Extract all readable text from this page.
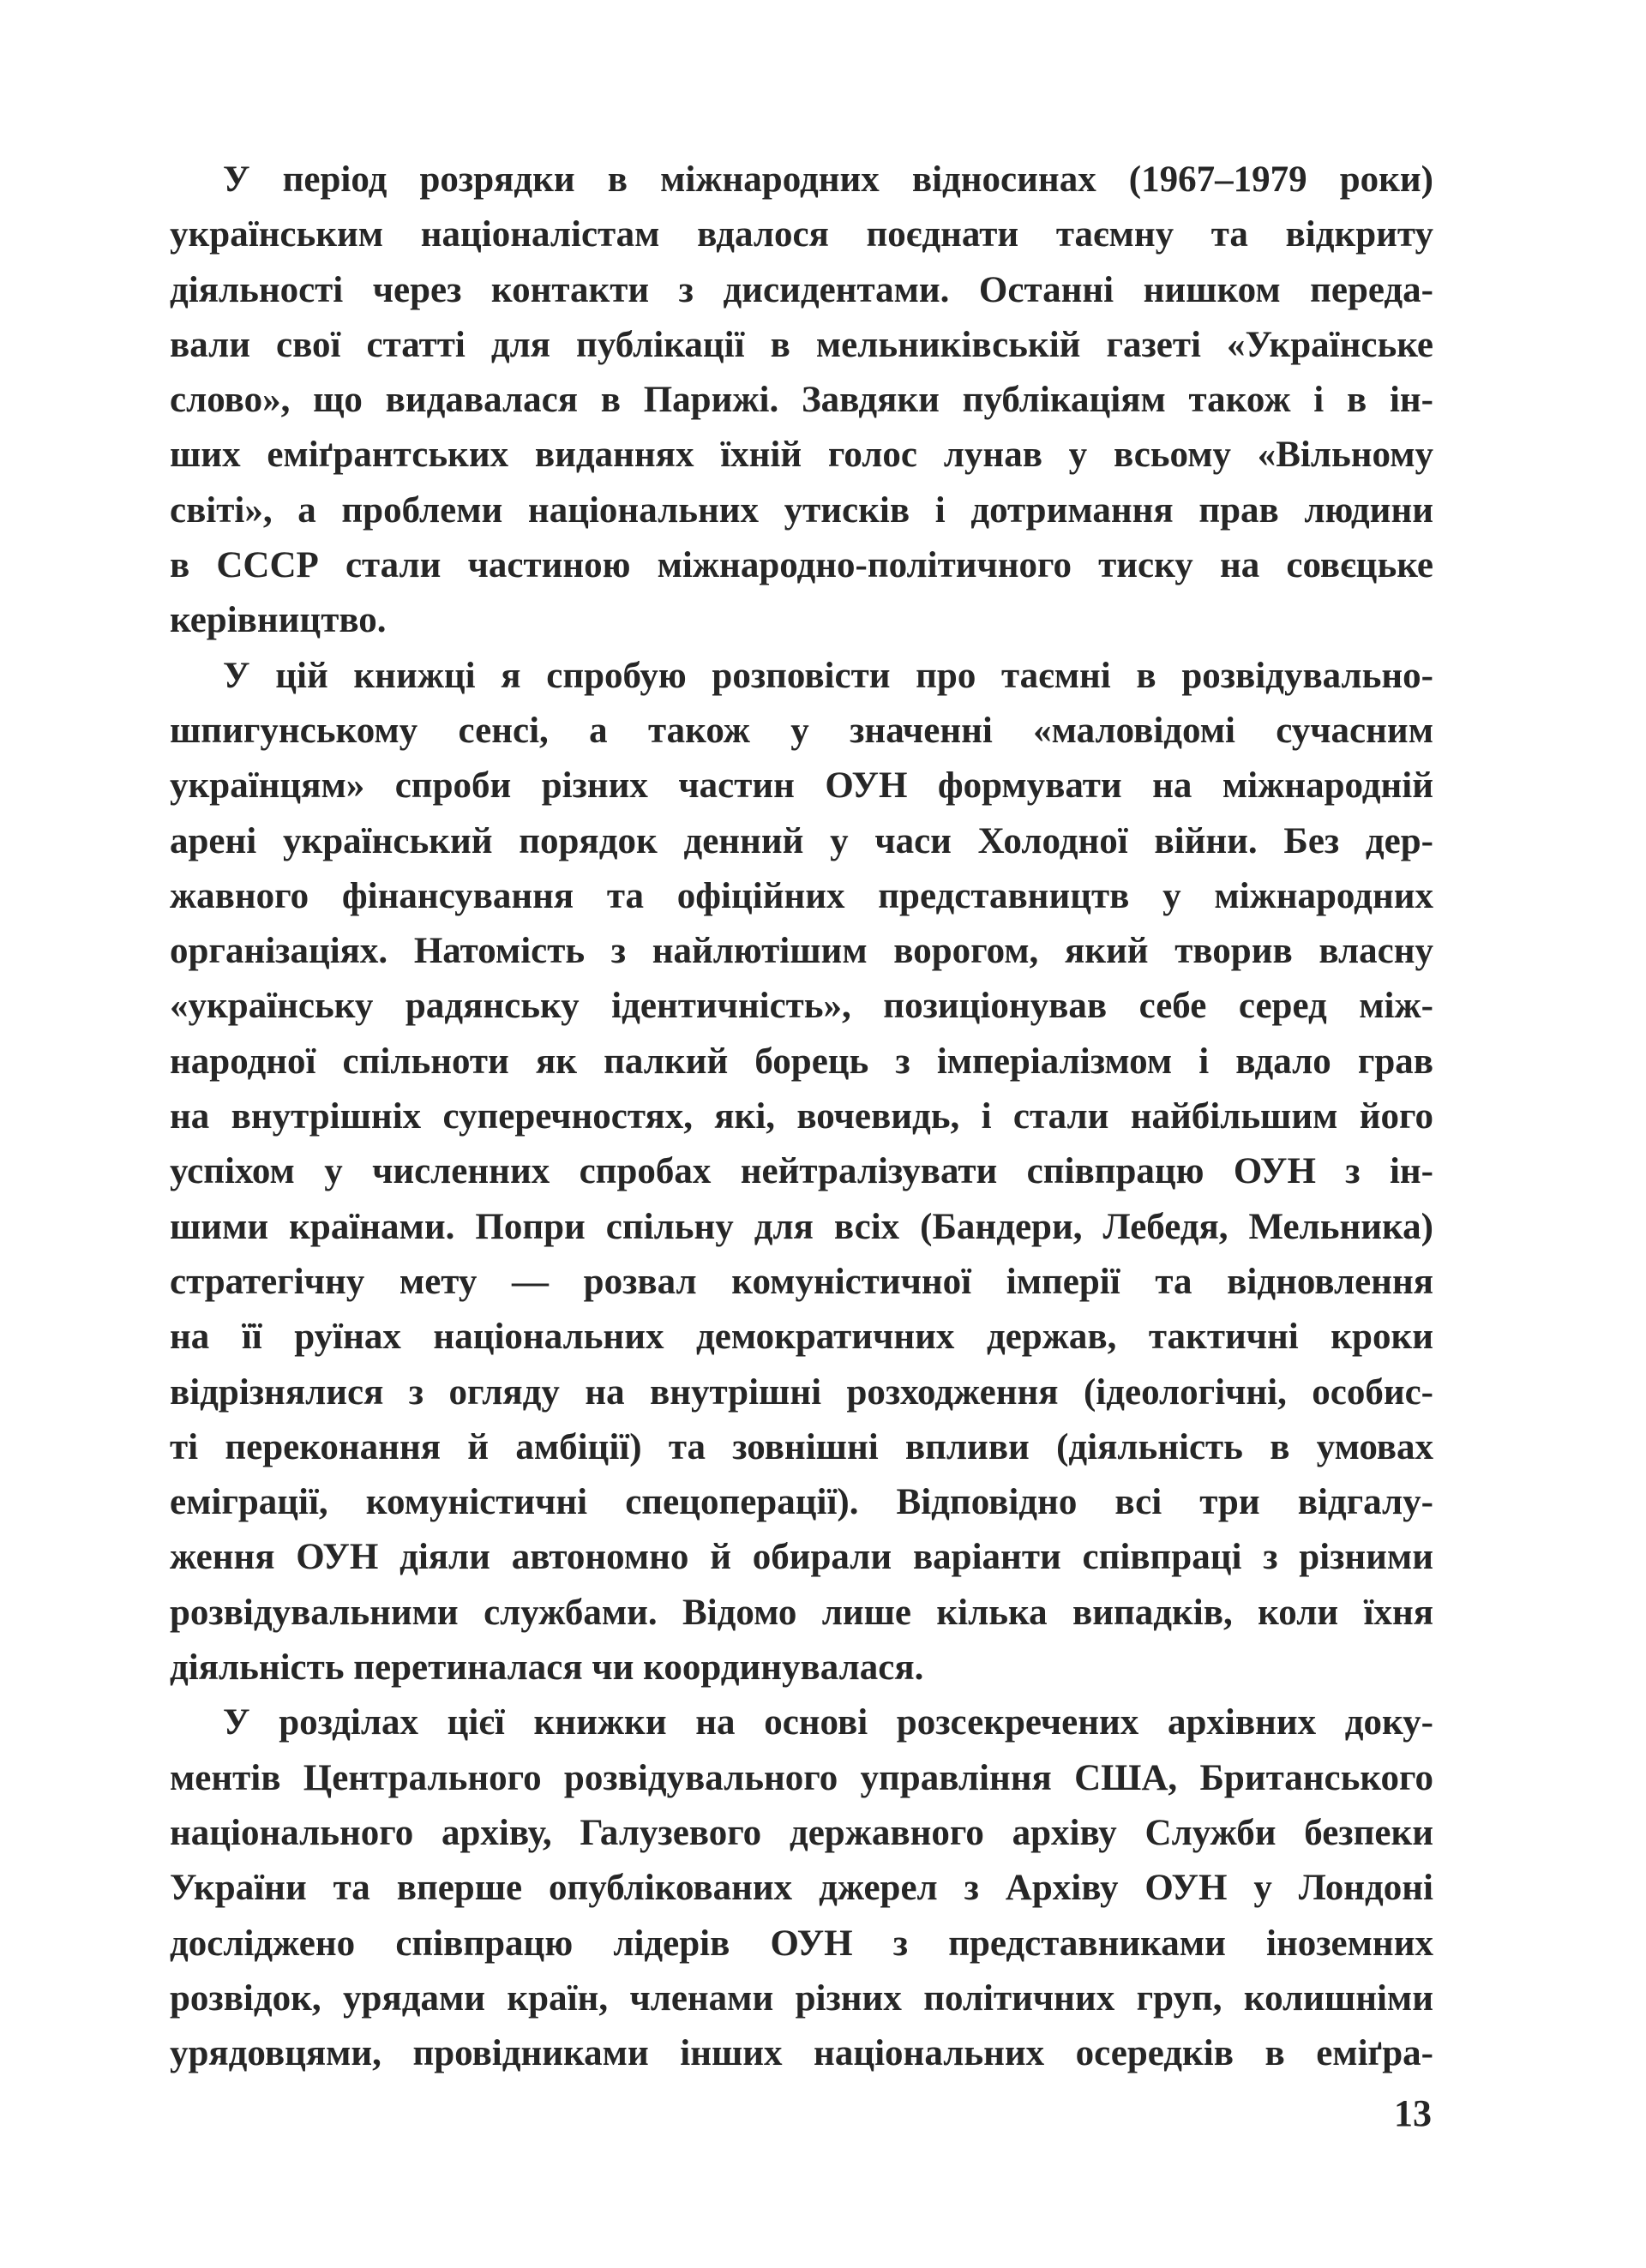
У період розрядки в міжнародних відносинах (1967–1979 роки)
українським націоналістам вдалося поєднати таємну та відкриту
діяльності через контакти з дисидентами. Останні нишком переда-
вали свої статті для публікації в мельниківській газеті «Українське
слово», що видавалася в Парижі. Завдяки публікаціям також і в ін-
ших еміґрантських виданнях їхній голос лунав у всьому «Вільному
світі», а проблеми національних утисків і дотримання прав людини
в СССР стали частиною міжнародно-політичного тиску на совєцьке
керівництво.
У цій книжці я спробую розповісти про таємні в розвідувально-
шпигунському сенсі, а також у значенні «маловідомі сучасним
українцям» спроби різних частин ОУН формувати на міжнародній
арені український порядок денний у часи Холодної війни. Без дер-
жавного фінансування та офіційних представництв у міжнародних
організаціях. Натомість з найлютішим ворогом, який творив власну
«українську радянську ідентичність», позиціонував себе серед між-
народної спільноти як палкий борець з імперіалізмом і вдало грав
на внутрішніх суперечностях, які, вочевидь, і стали найбільшим його
успіхом у численних спробах нейтралізувати співпрацю ОУН з ін-
шими країнами. Попри спільну для всіх (Бандери, Лебедя, Мельника)
стратегічну мету — розвал комуністичної імперії та відновлення
на її руїнах національних демократичних держав, тактичні кроки
відрізнялися з огляду на внутрішні розходження (ідеологічні, особис-
ті переконання й амбіції) та зовнішні впливи (діяльність в умовах
еміграції, комуністичні спецоперації). Відповідно всі три відгалу-
ження ОУН діяли автономно й обирали варіанти співпраці з різними
розвідувальними службами. Відомо лише кілька випадків, коли їхня
діяльність перетиналася чи координувалася.
У розділах цієї книжки на основі розсекречених архівних доку-
ментів Центрального розвідувального управління США, Британського
національного архіву, Галузевого державного архіву Служби безпеки
України та вперше опублікованих джерел з Архіву ОУН у Лондоні
досліджено співпрацю лідерів ОУН з представниками іноземних
розвідок, урядами країн, членами різних політичних груп, колишніми
урядовцями, провідниками інших національних осередків в еміґра-
13
